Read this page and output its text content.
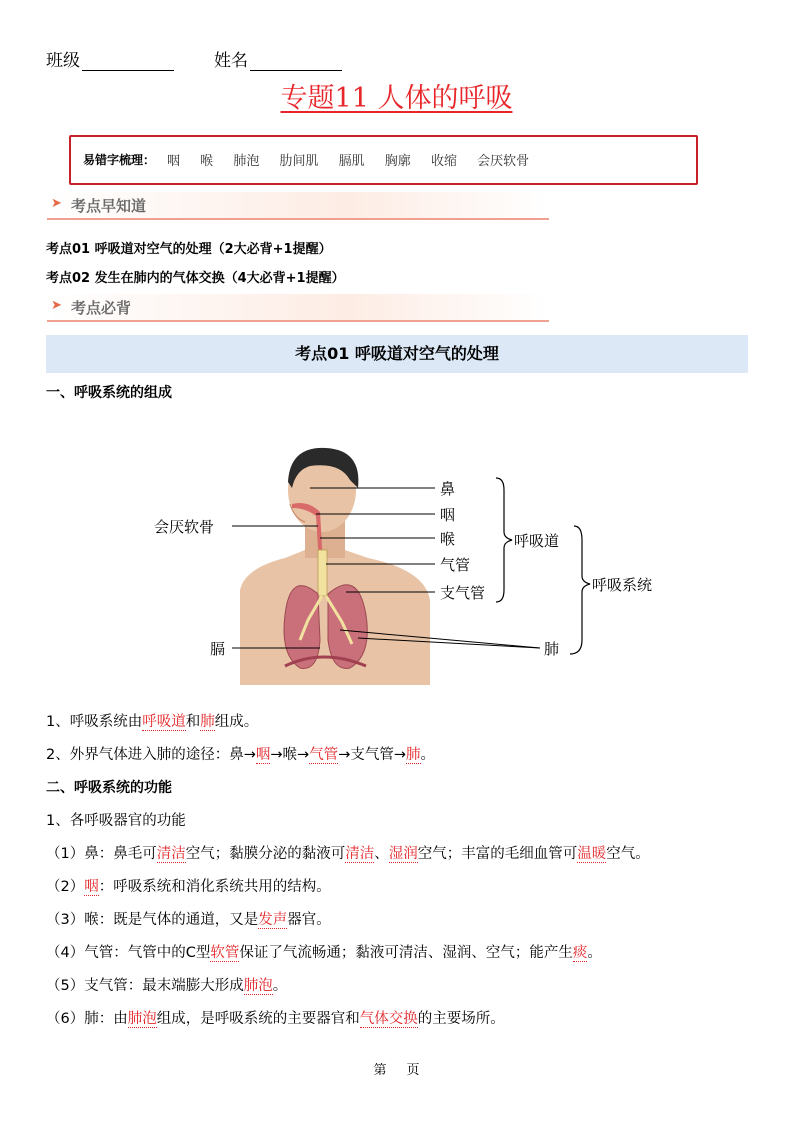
班级	姓名
专题11 人体的呼吸
易错字梳理： 咽 喉 肺泡 肋间肌 膈肌 胸廓 收缩 会厌软骨
➤ 考点早知道
考点01 呼吸道对空气的处理（2大必背+1提醒）
考点02 发生在肺内的气体交换（4大必背+1提醒）
➤ 考点必背
考点01 呼吸道对空气的处理
一、呼吸系统的组成
鼻
咽
喉
气管
支气管
会厌软骨
膈	肺
呼吸道
呼吸系统
1、呼吸系统由呼吸道和肺组成。
2、外界气体进入肺的途径：鼻→咽→喉→气管→支气管→肺。
二、呼吸系统的功能
1、各呼吸器官的功能
（1）鼻：鼻毛可清洁空气；黏膜分泌的黏液可清洁、湿润空气；丰富的毛细血管可温暖空气。
（2）咽：呼吸系统和消化系统共用的结构。
（3）喉：既是气体的通道，又是发声器官。
（4）气管：气管中的C型软管保证了气流畅通；黏液可清洁、湿润、空气；能产生痰。
（5）支气管：最末端膨大形成肺泡。
（6）肺：由肺泡组成，是呼吸系统的主要器官和气体交换的主要场所。
第 页
